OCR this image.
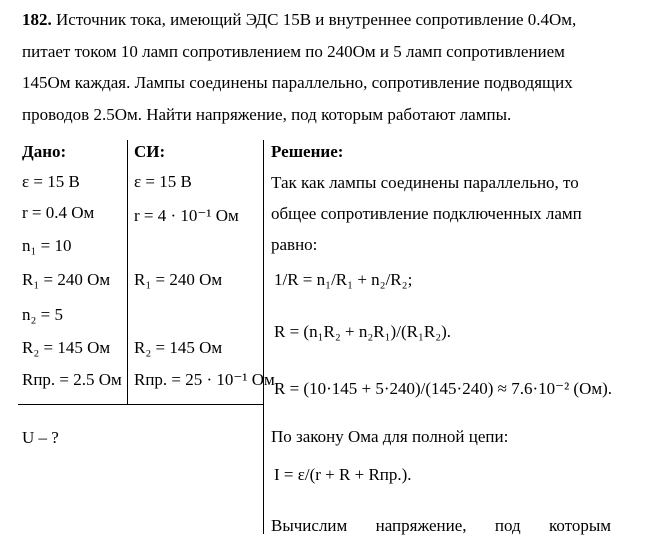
182. Источник тока, имеющий ЭДС 15В и внутреннее сопротивление 0.4Ом,
питает током 10 ламп сопротивлением по 240Ом и 5 ламп сопротивлением
145Ом каждая. Лампы соединены параллельно, сопротивление подводящих
проводов 2.5Ом. Найти напряжение, под которым работают лампы.
Дано:
ε = 15 В
r = 0.4 Ом
n₁ = 10
R₁ = 240 Ом
n₂ = 5
R₂ = 145 Ом
Rпр. = 2.5 Ом
U – ?
СИ:
ε = 15 В
r = 4 · 10⁻¹ Ом
R₁ = 240 Ом
R₂ = 145 Ом
Rпр. = 25 · 10⁻¹ Ом
Решение:
Так как лампы соединены параллельно, то
общее сопротивление подключенных ламп
равно:
1/R = n₁/R₁ + n₂/R₂;
R = (n₁R₂ + n₂R₁)/(R₁R₂).
R = (10·145 + 5·240)/(145·240) ≈ 7.6·10⁻² (Ом).
По закону Ома для полной цепи:
I = ε/(r + R + Rпр.).
Вычислим напряжение, под которым
